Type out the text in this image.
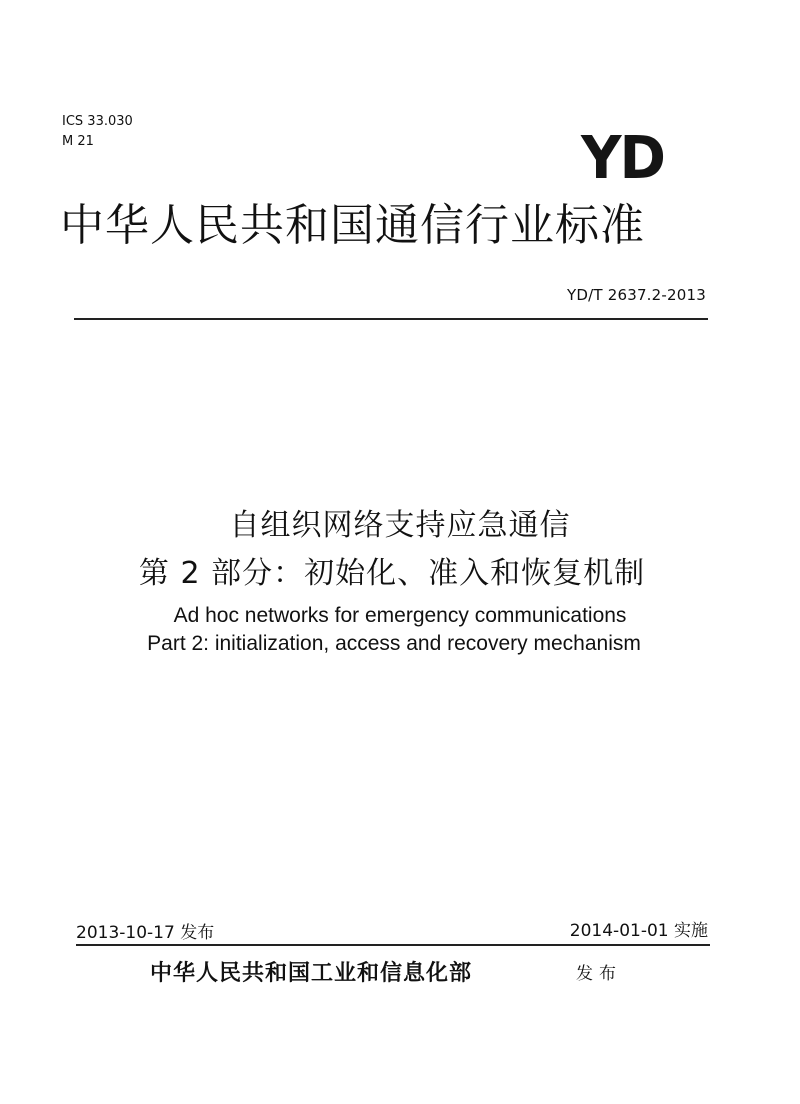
ICS 33.030
M 21	YD
中华人民共和国通信行业标准
YD/T 2637.2-2013
自组织网络支持应急通信
第 2 部分：初始化、准入和恢复机制
Ad hoc networks for emergency communications
Part 2: initialization, access and recovery mechanism
2013-10-17 发布	2014-01-01 实施
中华人民共和国工业和信息化部	发布
